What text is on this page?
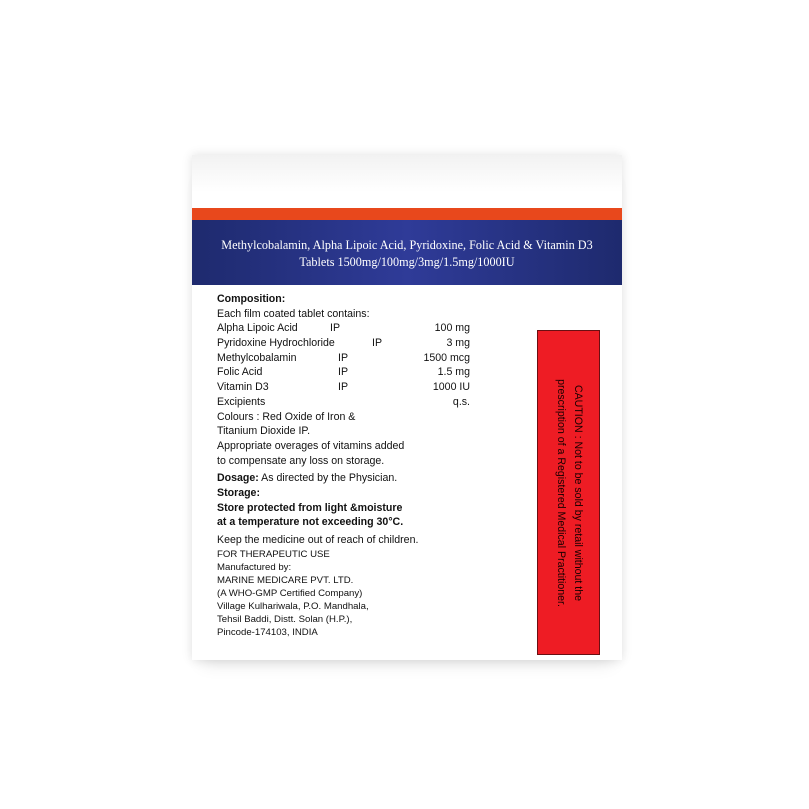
Methylcobalamin, Alpha Lipoic Acid, Pyridoxine, Folic Acid & Vitamin D3
Tablets 1500mg/100mg/3mg/1.5mg/1000IU
Composition:
Each film coated tablet contains:
Alpha Lipoic Acid	IP	100 mg
Pyridoxine Hydrochloride	IP	3 mg
Methylcobalamin	IP	1500 mcg
Folic Acid	IP	1.5 mg
Vitamin D3	IP	1000 IU
Excipients	q.s.
Colours : Red Oxide of Iron &
Titanium Dioxide IP.
Appropriate overages of vitamins added
to compensate any loss on storage.
Dosage: As directed by the Physician.
Storage:
Store protected from light &moisture
at a temperature not exceeding 30°C.
Keep the medicine out of reach of children.
FOR THERAPEUTIC USE
Manufactured by:
MARINE MEDICARE PVT. LTD.
(A WHO-GMP Certified Company)
Village Kulhariwala, P.O. Mandhala,
Tehsil Baddi, Distt. Solan (H.P.),
Pincode-174103, INDIA
CAUTION : Not to be sold by retail without the
prescription of a Registered Medical Practitioner.
